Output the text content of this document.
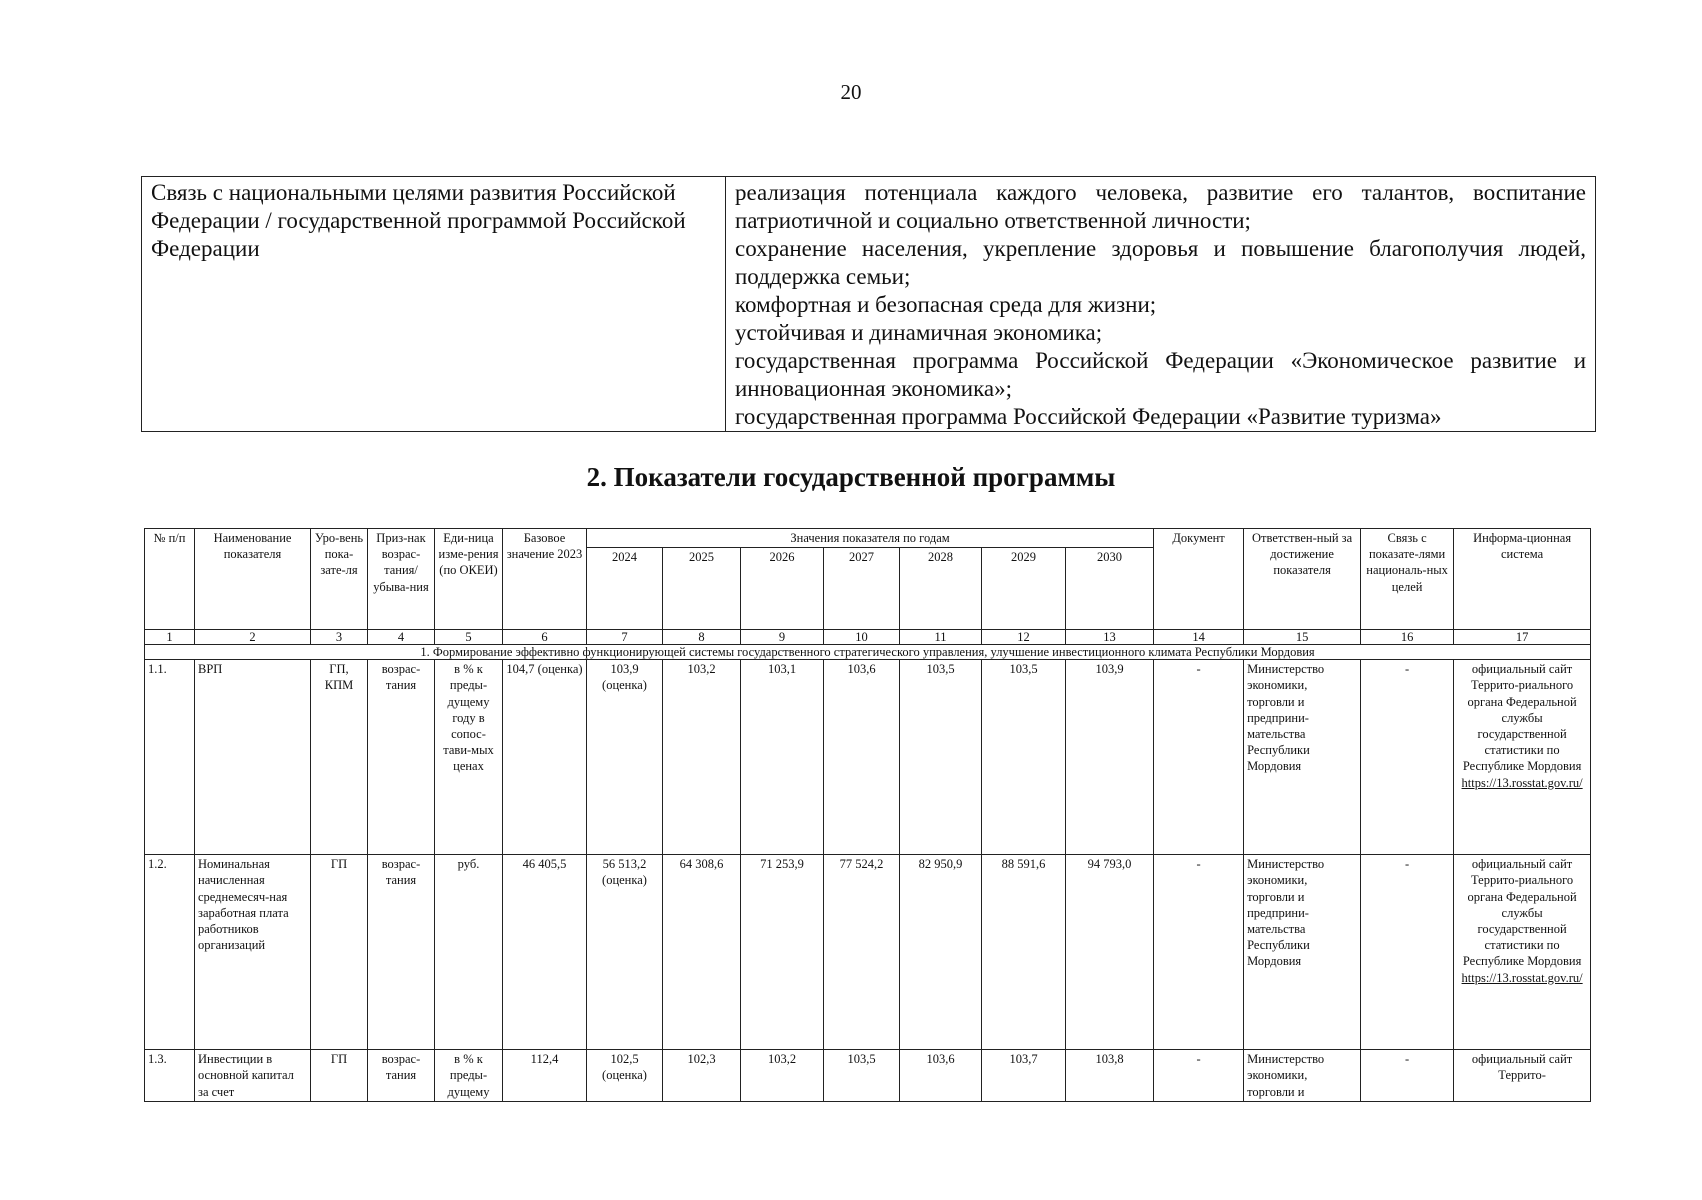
20
Связь с национальными целями развития Российской Федерации / государственной программой Российской Федерации	
реализация потенциала каждого человека, развитие его талантов, воспитание патриотичной и социально ответственной личности;
сохранение населения, укрепление здоровья и повышение благополучия людей, поддержка семьи;
комфортная и безопасная среда для жизни;
устойчивая и динамичная экономика;
государственная программа Российской Федерации «Экономическое развитие и инновационная экономика»;
государственная программа Российской Федерации «Развитие туризма»
2. Показатели государственной программы
№ п/п	Наименование показателя	Уро-вень пока-зате-ля	Приз-нак возрас-тания/ убыва-ния	Еди-ница изме-рения (по ОКЕИ)	Базовое значение 2023	Значения показателя по годам							Документ	Ответствен-ный за достижение показателя	Связь с показате-лями националь-ных целей	Информа-ционная система
						2024	2025	2026	2027	2028	2029	2030				
1	2	3	4	5	6	7	8	9	10	11	12	13	14	15	16	17
1. Формирование эффективно функционирующей системы государственного стратегического управления, улучшение инвестиционного климата Республики Мордовия																
1.1.	ВРП	ГП, КПМ	возрас-тания	в % к преды-дущему году в сопос-тави-мых ценах	104,7 (оценка)	103,9 (оценка)	103,2	103,1	103,6	103,5	103,5	103,9	-	Министерство экономики, торговли и предприни-мательства Республики Мордовия	-	официальный сайт Террито-риального органа Федеральной службы государственной статистики по Республике Мордовия
https://13.rosstat.gov.ru/

1.2.	Номинальная начисленная среднемесяч-ная заработная плата работников организаций	ГП	возрас-тания	руб.	46 405,5	56 513,2 (оценка)	64 308,6	71 253,9	77 524,2	82 950,9	88 591,6	94 793,0	-	Министерство экономики, торговли и предприни-мательства Республики Мордовия	-	официальный сайт Террито-риального органа Федеральной службы государственной статистики по Республике Мордовия
https://13.rosstat.gov.ru/

1.3.	Инвестиции в основной капитал за счет	ГП	возрас-тания	в % к преды-дущему	112,4	102,5 (оценка)	102,3	103,2	103,5	103,6	103,7	103,8	-	Министерство экономики, торговли и	-	официальный сайт Террито-
